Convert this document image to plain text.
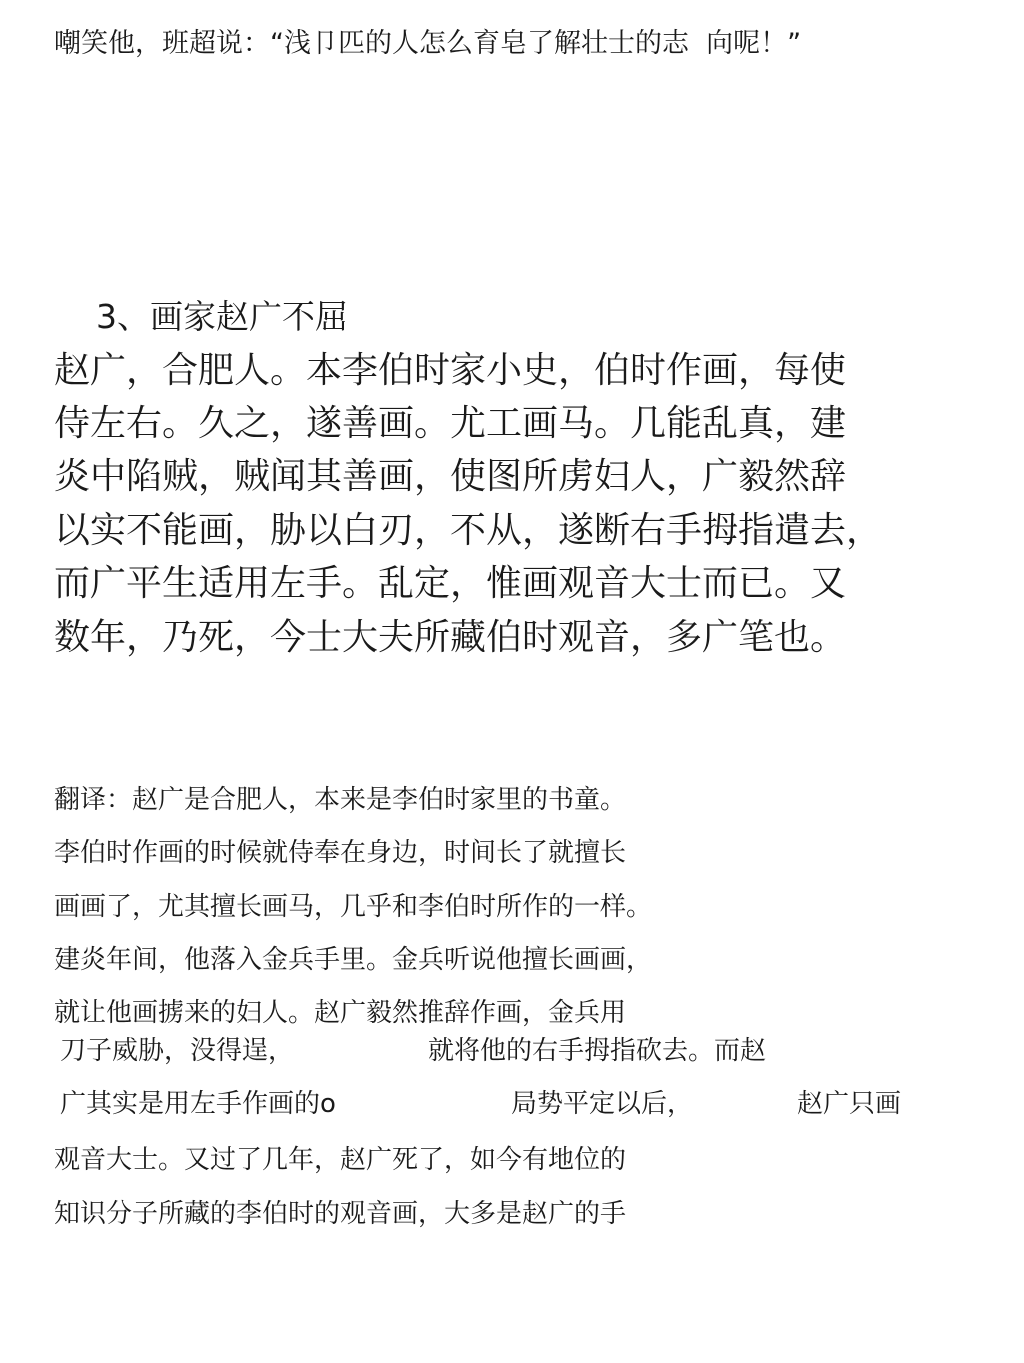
嘲笑他，班超说：“浅卩匹的人怎么育皂了解壮士的志  向呢！”

3、画家赵广不屈

赵广，合肥人。本李伯时家小史，伯时作画，每使

侍左右。久之，遂善画。尤工画马。几能乱真，建

炎中陷贼，贼闻其善画，使图所虏妇人，广毅然辞

以实不能画，胁以白刃，不从，遂断右手拇指遣去，

而广平生适用左手。乱定，惟画观音大士而已。又

数年，乃死，今士大夫所藏伯时观音，多广笔也。

翻译：赵广是合肥人，本来是李伯时家里的书童。

李伯时作画的时候就侍奉在身边，时间长了就擅长

画画了，尤其擅长画马，几乎和李伯时所作的一样。

建炎年间，他落入金兵手里。金兵听说他擅长画画，

就让他画掳来的妇人。赵广毅然推辞作画，金兵用

刀子威胁，没得逞，	就将他的右手拇指砍去。而赵
广其实是用左手作画的o	局势平定以后，	赵广只画

观音大士。又过了几年，赵广死了，如今有地位的

知识分子所藏的李伯时的观音画，大多是赵广的手
